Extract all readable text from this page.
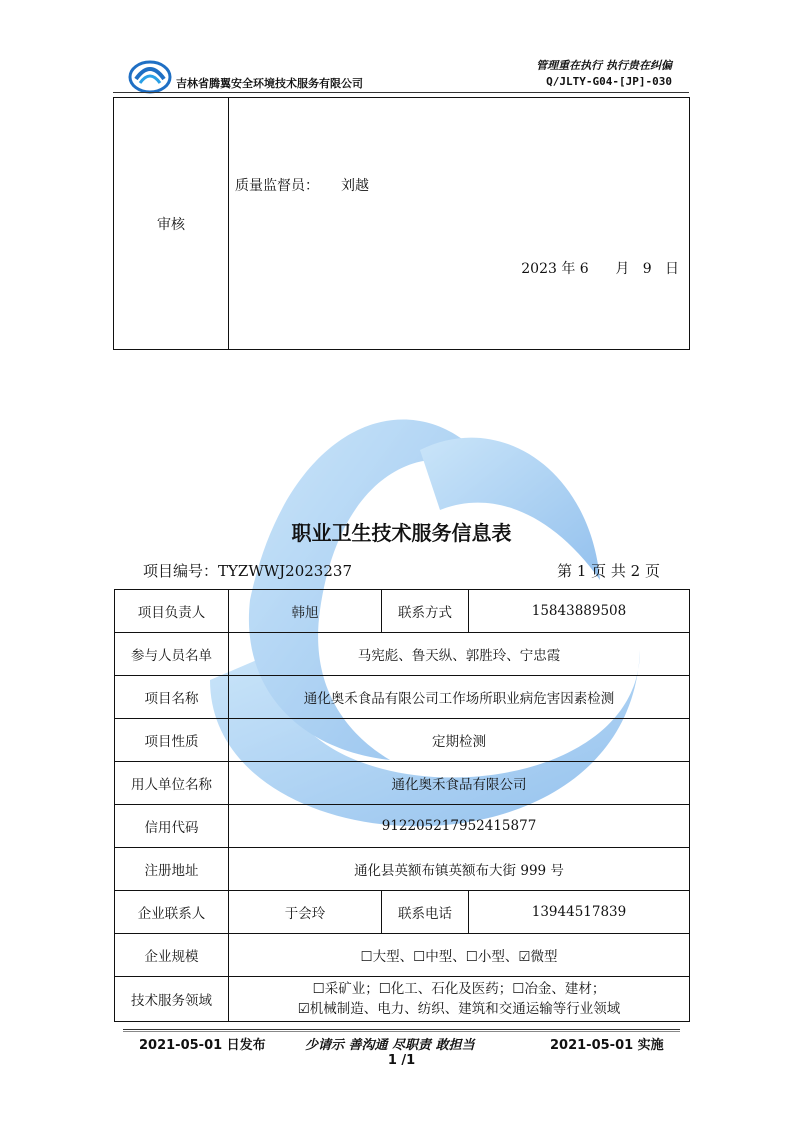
吉林省腾翼安全环境技术服务有限公司
管理重在执行 执行贵在纠偏
Q/JLTY-G04-[JP]-030
审核
质量监督员： 刘越
2023 年 6      月   9   日
职业卫生技术服务信息表
项目编号：TYZWWJ2023237	第 1 页 共 2 页
项目负责人	韩旭	联系方式	15843889508
参与人员名单	马宪彪、鲁天纵、郭胜玲、宁忠霞		
项目名称	通化奥禾食品有限公司工作场所职业病危害因素检测		
项目性质	定期检测		
用人单位名称	通化奥禾食品有限公司		
信用代码	912205217952415877		
注册地址	通化县英额布镇英额布大街 999 号		
企业联系人	于会玲	联系电话	13944517839
企业规模	☐大型、☐中型、☐小型、☑微型		
技术服务领域	☐采矿业；☐化工、石化及医药；☐冶金、建材；
☑机械制造、电力、纺织、建筑和交通运输等行业领域		
2021-05-01 日发布	少请示 善沟通 尽职责 敢担当	2021-05-01 实施
1 /1
